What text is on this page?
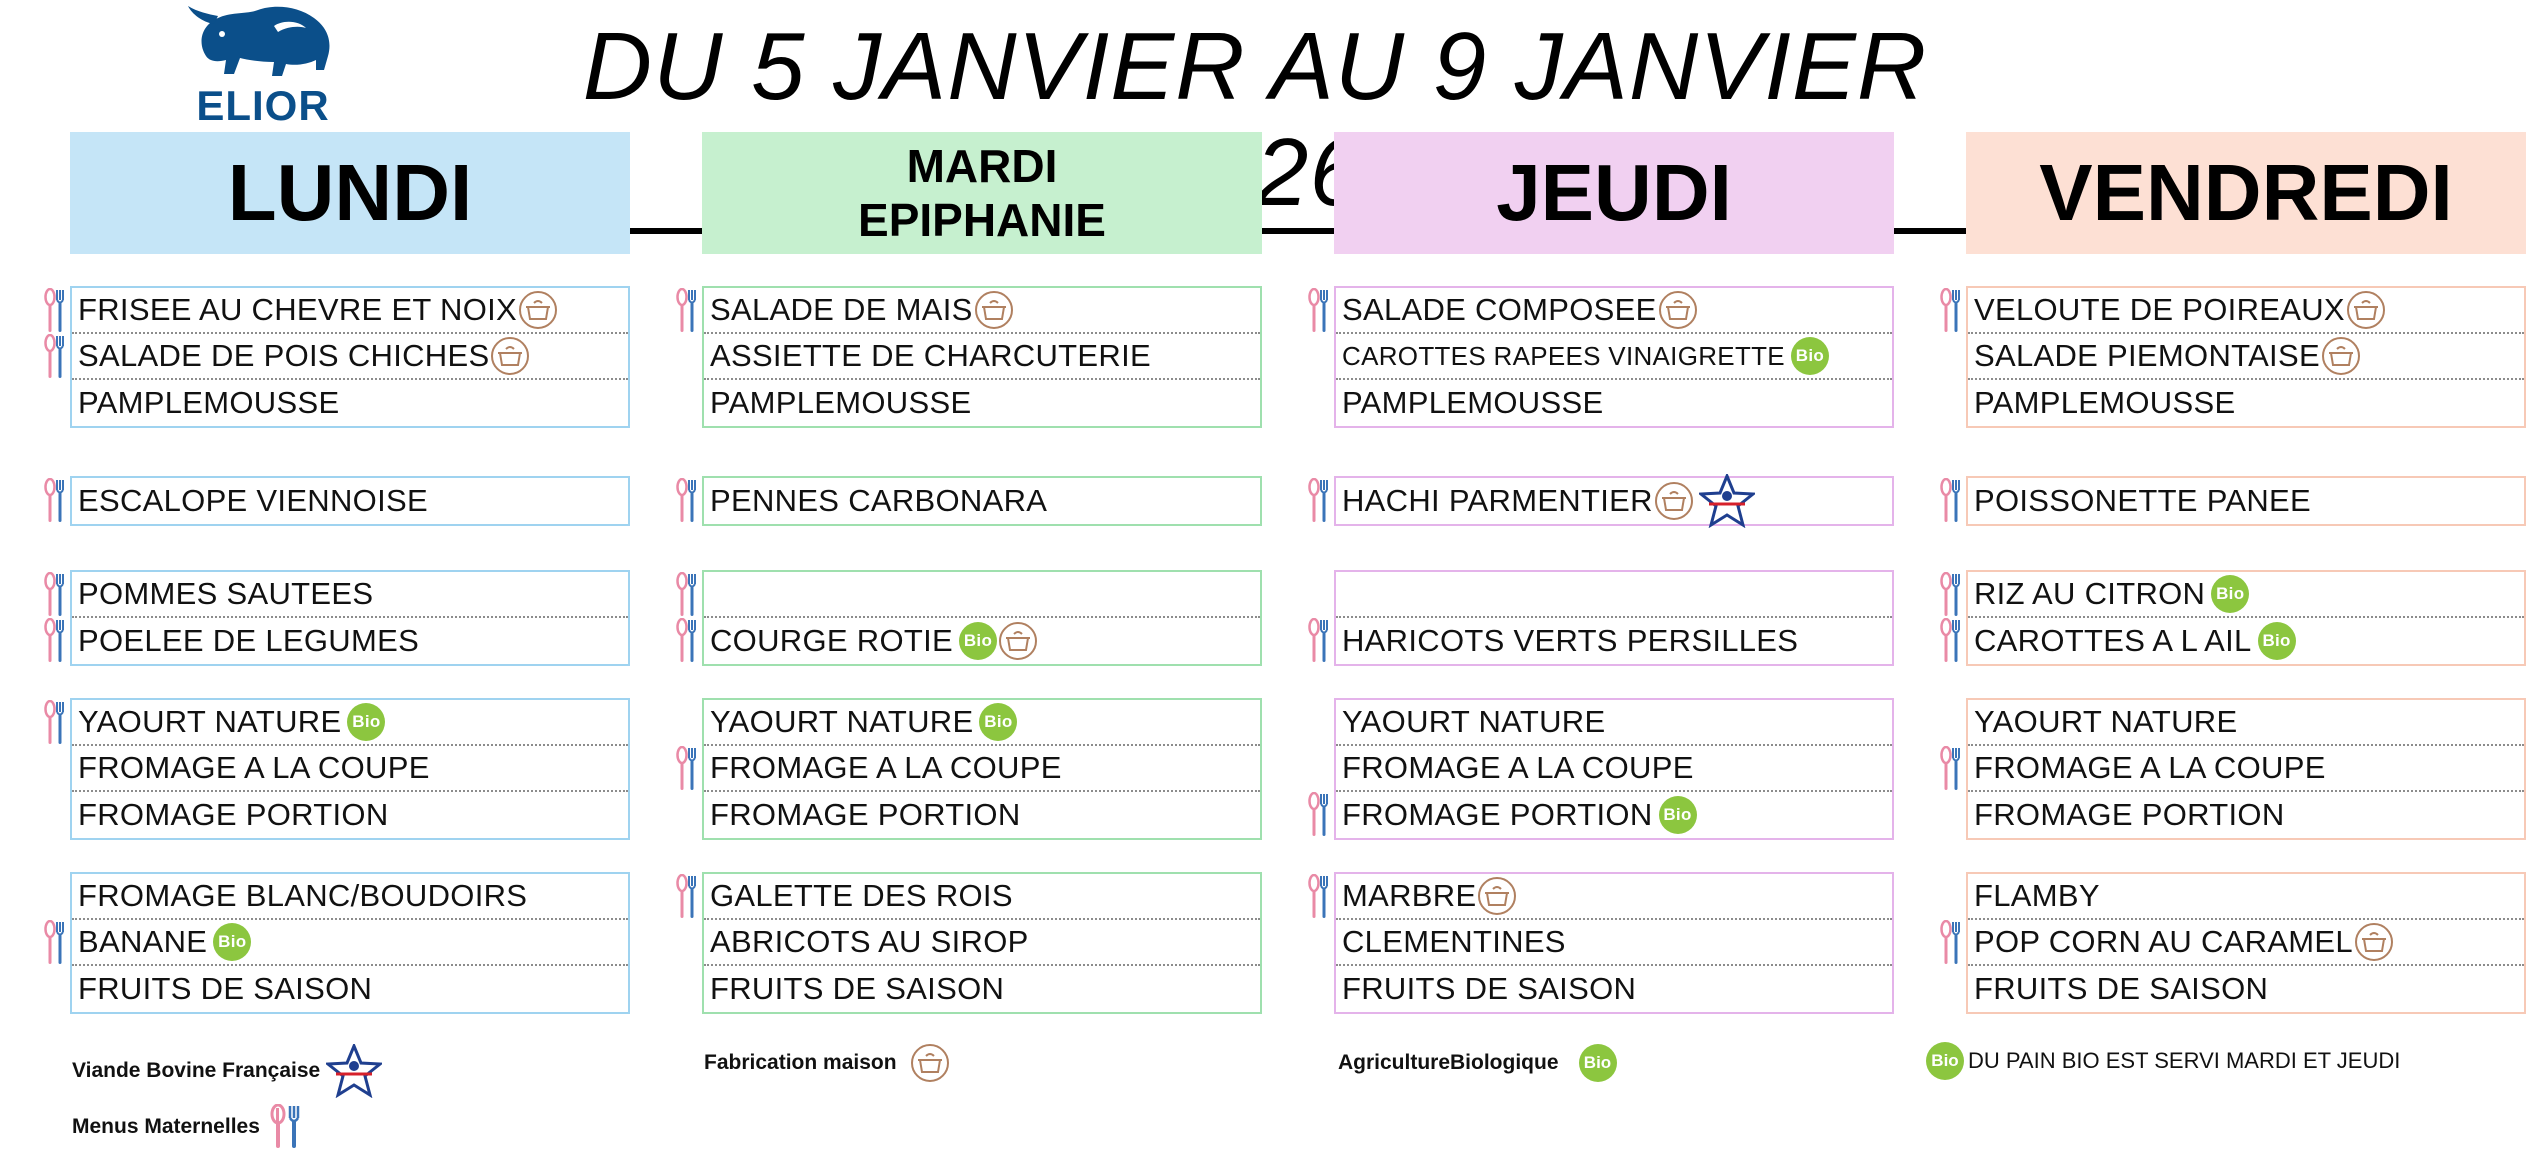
ELIOR	DU 5 JANVIER AU 9 JANVIER
LUNDI
FRISEE AU CHEVRE ET NOIX
SALADE DE POIS CHICHES
PAMPLEMOUSSE
ESCALOPE VIENNOISE
POMMES SAUTEES
POELEE DE LEGUMES
YAOURT NATURE Bio
FROMAGE A LA COUPE
FROMAGE PORTION
FROMAGE BLANC/BOUDOIRS
BANANE Bio
FRUITS DE SAISON
MARDI
EPIPHANIE
SALADE DE MAIS
ASSIETTE DE CHARCUTERIE
PAMPLEMOUSSE
PENNES CARBONARA
COURGE ROTIE Bio
YAOURT NATURE Bio
FROMAGE A LA COUPE
FROMAGE PORTION
GALETTE DES ROIS
ABRICOTS AU SIROP
FRUITS DE SAISON
JEUDI
SALADE COMPOSEE
CAROTTES RAPEES VINAIGRETTE Bio
PAMPLEMOUSSE
HACHI PARMENTIER
HARICOTS VERTS PERSILLES
YAOURT NATURE
FROMAGE A LA COUPE
FROMAGE PORTION Bio
MARBRE
CLEMENTINES
FRUITS DE SAISON
VENDREDI
VELOUTE DE POIREAUX
SALADE PIEMONTAISE
PAMPLEMOUSSE
POISSONETTE PANEE
RIZ AU CITRON Bio
CAROTTES A L AIL Bio
YAOURT NATURE
FROMAGE A LA COUPE
FROMAGE PORTION
FLAMBY
POP CORN AU CARAMEL
FRUITS DE SAISON
Viande Bovine Française
Menus Maternelles
Fabrication maison	AgricultureBiologique	Bio	Bio DU PAIN BIO EST SERVI MARDI ET JEUDI
